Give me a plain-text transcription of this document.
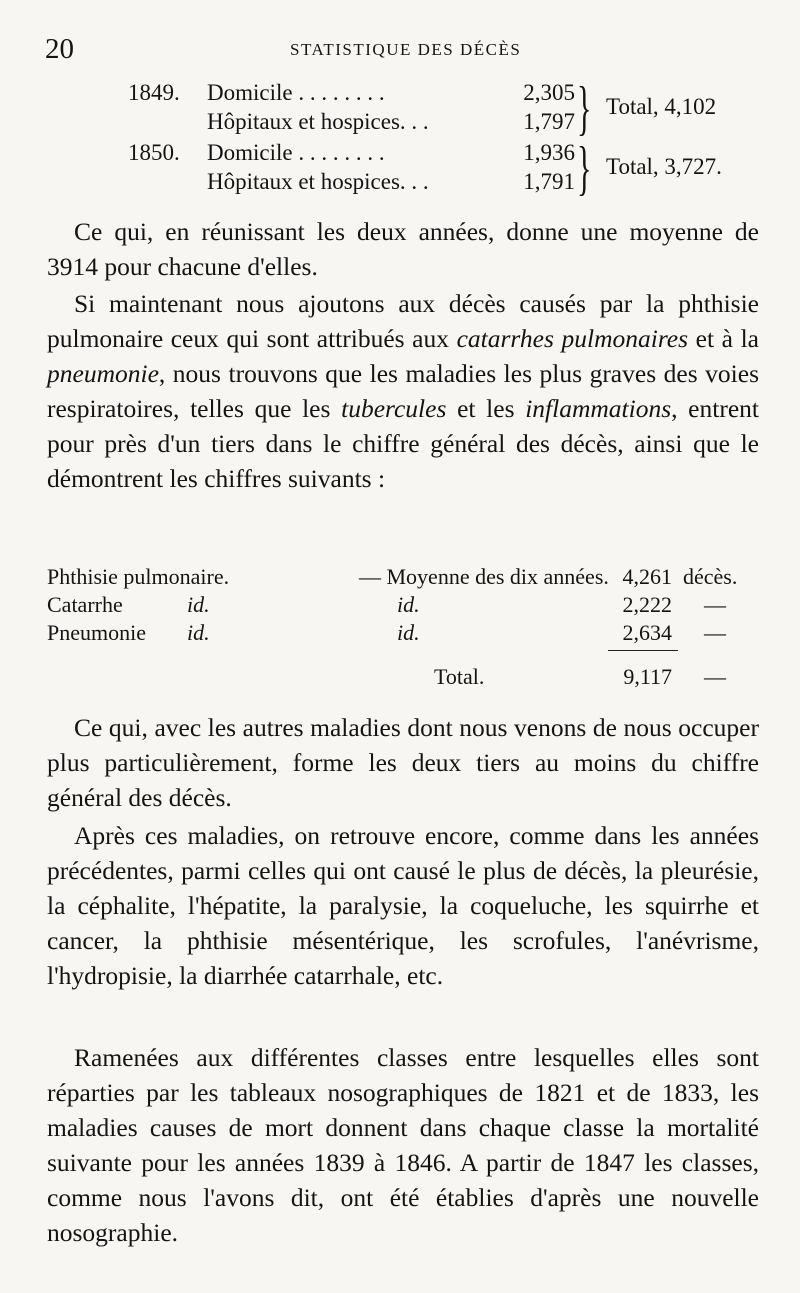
20	STATISTIQUE DES DÉCÈS
1849. Domicile . . . . . . . .	2,305
Hôpitaux et hospices. . .	1,797 } Total, 4,102
1850. Domicile . . . . . . . .	1,936
Hôpitaux et hospices. . .	1,791 } Total, 3,727.

Ce qui, en réunissant les deux années, donne une moyenne de 3914 pour chacune d'elles.

Si maintenant nous ajoutons aux décès causés par la phthisie pulmonaire ceux qui sont attribués aux catarrhes pulmonaires et à la pneumonie, nous trouvons que les maladies les plus graves des voies respiratoires, telles que les tubercules et les inflammations, entrent pour près d'un tiers dans le chiffre général des décès, ainsi que le démontrent les chiffres suivants :

Phthisie pulmonaire.	— Moyenne des dix années. 4,261 décès.
Catarrhe	id.	id.	2,222 —
Pneumonie id.	id.	2,634 —
Total.	9,117 —

Ce qui, avec les autres maladies dont nous venons de nous occuper plus particulièrement, forme les deux tiers au moins du chiffre général des décès.

Après ces maladies, on retrouve encore, comme dans les années précédentes, parmi celles qui ont causé le plus de décès, la pleurésie, la céphalite, l'hépatite, la paralysie, la coqueluche, les squirrhe et cancer, la phthisie mésentérique, les scrofules, l'anévrisme, l'hydropisie, la diarrhée catarrhale, etc.

Ramenées aux différentes classes entre lesquelles elles sont réparties par les tableaux nosographiques de 1821 et de 1833, les maladies causes de mort donnent dans chaque classe la mortalité suivante pour les années 1839 à 1846. A partir de 1847 les classes, comme nous l'avons dit, ont été établies d'après une nouvelle nosographie.
